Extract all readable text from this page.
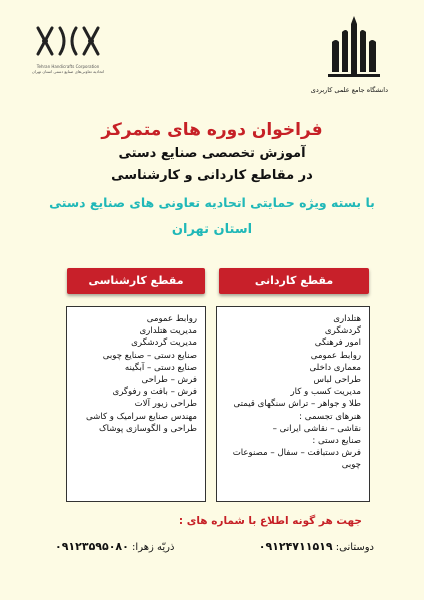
Tehran Handicrafts Corporation
اتحادیه تعاونی‌های صنایع دستی استان تهران
دانشگاه جامع علمی کاربردی
فراخوان دوره های متمرکز
آموزش تخصصی صنایع دستی
در مقاطع کاردانی و کارشناسی
با بسته ویژه حمایتی اتحادیه تعاونی های صنایع دستی
استان تهران
مقطع کاردانی
مقطع کارشناسی
هتلداری
گردشگری
امور فرهنگی
روابط عمومی
معماری داخلی
طراحی لباس
مدیریت کسب و کار
طلا و جواهر – تراش سنگهای قیمتی
هنرهای تجسمی :
نقاشی – نقاشی ایرانی –
صنایع دستی :
فرش دستبافت – سفال – مصنوعات
چوبی
روابط عمومی
مدیریت هتلداری
مدیریت گردشگری
صنایع دستی – صنایع چوبی
صنایع دستی – آبگینه
فرش – طراحی
فرش – بافت و رفوگری
طراحی زیور آلات
مهندس صنایع سرامیک و کاشی
طراحی و الگوسازی پوشاک
جهت هر گونه اطلاع با شماره های :
دوستانی: ۰۹۱۲۴۷۱۱۵۱۹
ذریّه زهرا: ۰۹۱۲۳۵۹۵۰۸۰
